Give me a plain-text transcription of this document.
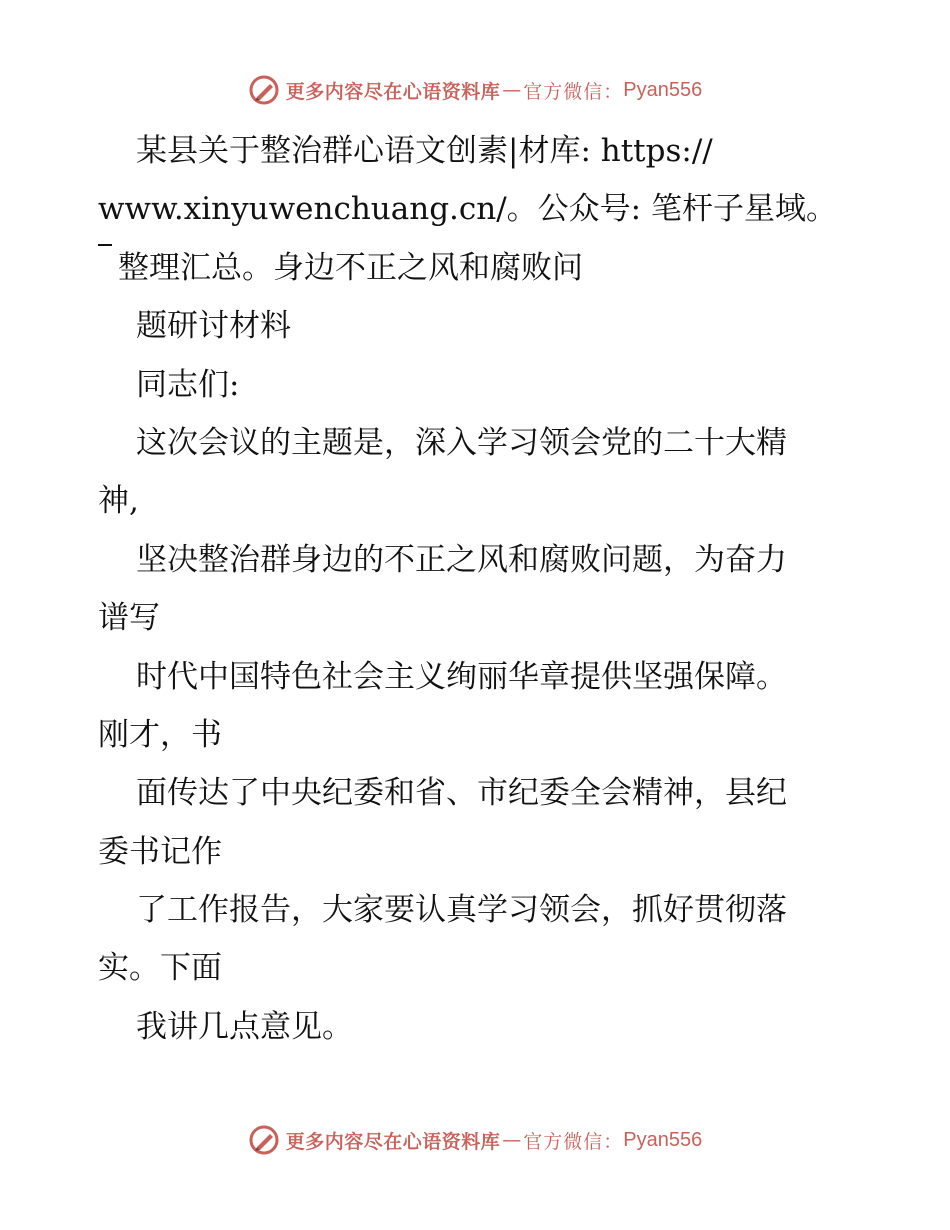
更多内容尽在心语资料库 — 官方微信： Pyan556
某县关于整治群心语文创素|材库: https://
www.xinyuwenchuang.cn/。公众号: 笔杆子星域。
整理汇总。身边不正之风和腐败问
题研讨材料
同志们:
这次会议的主题是，深入学习领会党的二十大精
神,
坚决整治群身边的不正之风和腐败问题，为奋力
谱写
时代中国特色社会主义绚丽华章提供坚强保障。
刚才，书
面传达了中央纪委和省、市纪委全会精神，县纪
委书记作
了工作报告，大家要认真学习领会，抓好贯彻落
实。下面
我讲几点意见。
更多内容尽在心语资料库 — 官方微信： Pyan556
